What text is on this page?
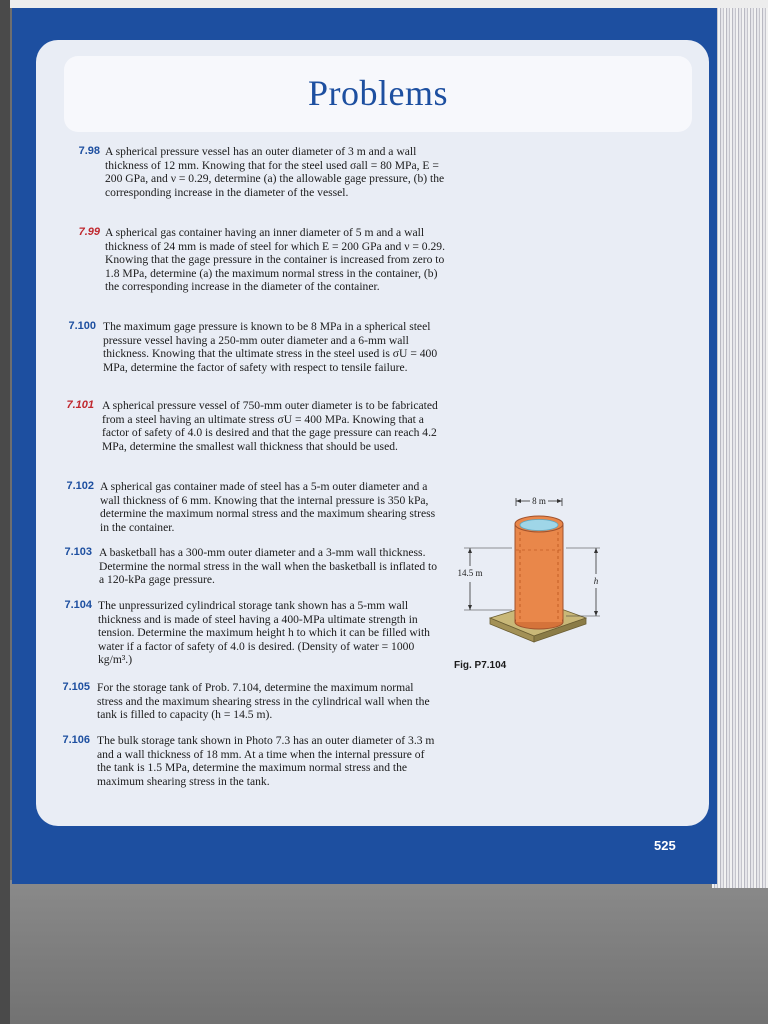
Problems
7.98 A spherical pressure vessel has an outer diameter of 3 m and a wall thickness of 12 mm. Knowing that for the steel used σall = 80 MPa, E = 200 GPa, and ν = 0.29, determine (a) the allowable gage pressure, (b) the corresponding increase in the diameter of the vessel.

7.99 A spherical gas container having an inner diameter of 5 m and a wall thickness of 24 mm is made of steel for which E = 200 GPa and ν = 0.29. Knowing that the gage pressure in the container is increased from zero to 1.8 MPa, determine (a) the maximum normal stress in the container, (b) the corresponding increase in the diameter of the container.

7.100 The maximum gage pressure is known to be 8 MPa in a spherical steel pressure vessel having a 250-mm outer diameter and a 6-mm wall thickness. Knowing that the ultimate stress in the steel used is σU = 400 MPa, determine the factor of safety with respect to tensile failure.

7.101 A spherical pressure vessel of 750-mm outer diameter is to be fabricated from a steel having an ultimate stress σU = 400 MPa. Knowing that a factor of safety of 4.0 is desired and that the gage pressure can reach 4.2 MPa, determine the smallest wall thickness that should be used.

7.102 A spherical gas container made of steel has a 5-m outer diameter and a wall thickness of 6 mm. Knowing that the internal pressure is 350 kPa, determine the maximum normal stress and the maximum shearing stress in the container.

7.103 A basketball has a 300-mm outer diameter and a 3-mm wall thickness. Determine the normal stress in the wall when the basketball is inflated to a 120-kPa gage pressure.

7.104 The unpressurized cylindrical storage tank shown has a 5-mm wall thickness and is made of steel having a 400-MPa ultimate strength in tension. Determine the maximum height h to which it can be filled with water if a factor of safety of 4.0 is desired. (Density of water = 1000 kg/m³.)

7.105 For the storage tank of Prob. 7.104, determine the maximum normal stress and the maximum shearing stress in the cylindrical wall when the tank is filled to capacity (h = 14.5 m).

7.106 The bulk storage tank shown in Photo 7.3 has an outer diameter of 3.3 m and a wall thickness of 18 mm. At a time when the internal pressure of the tank is 1.5 MPa, determine the maximum normal stress and the maximum shearing stress in the tank.

8 m
14.5 m
h
Fig. P7.104
525
